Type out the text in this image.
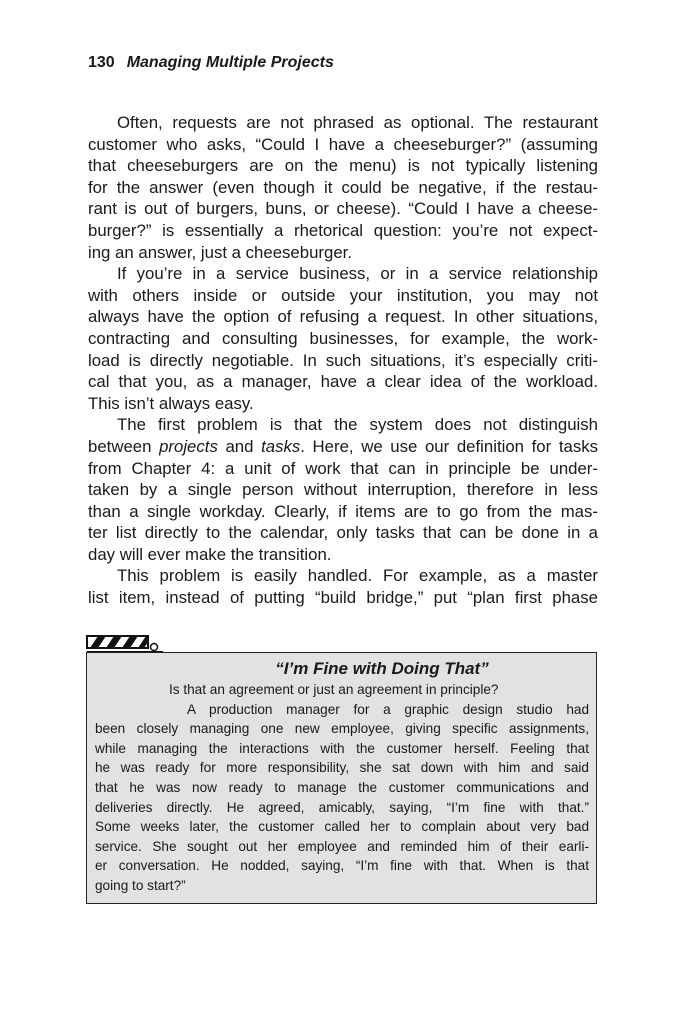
130 Managing Multiple Projects
Often, requests are not phrased as optional. The restaurant
customer who asks, “Could I have a cheeseburger?” (assuming
that cheeseburgers are on the menu) is not typically listening
for the answer (even though it could be negative, if the restau-
rant is out of burgers, buns, or cheese). “Could I have a cheese-
burger?” is essentially a rhetorical question: you’re not expect-
ing an answer, just a cheeseburger.
If you’re in a service business, or in a service relationship
with others inside or outside your institution, you may not
always have the option of refusing a request. In other situations,
contracting and consulting businesses, for example, the work-
load is directly negotiable. In such situations, it’s especially criti-
cal that you, as a manager, have a clear idea of the workload.
This isn’t always easy.
The first problem is that the system does not distinguish
between projects and tasks. Here, we use our definition for tasks
from Chapter 4: a unit of work that can in principle be under-
taken by a single person without interruption, therefore in less
than a single workday. Clearly, if items are to go from the mas-
ter list directly to the calendar, only tasks that can be done in a
day will ever make the transition.
This problem is easily handled. For example, as a master
list item, instead of putting “build bridge,” put “plan first phase
“I’m Fine with Doing That”
Is that an agreement or just an agreement in principle?
A production manager for a graphic design studio had
been closely managing one new employee, giving specific assignments,
while managing the interactions with the customer herself. Feeling that
he was ready for more responsibility, she sat down with him and said
that he was now ready to manage the customer communications and
deliveries directly. He agreed, amicably, saying, “I’m fine with that.”
Some weeks later, the customer called her to complain about very bad
service. She sought out her employee and reminded him of their earli-
er conversation. He nodded, saying, “I’m fine with that. When is that
going to start?”
